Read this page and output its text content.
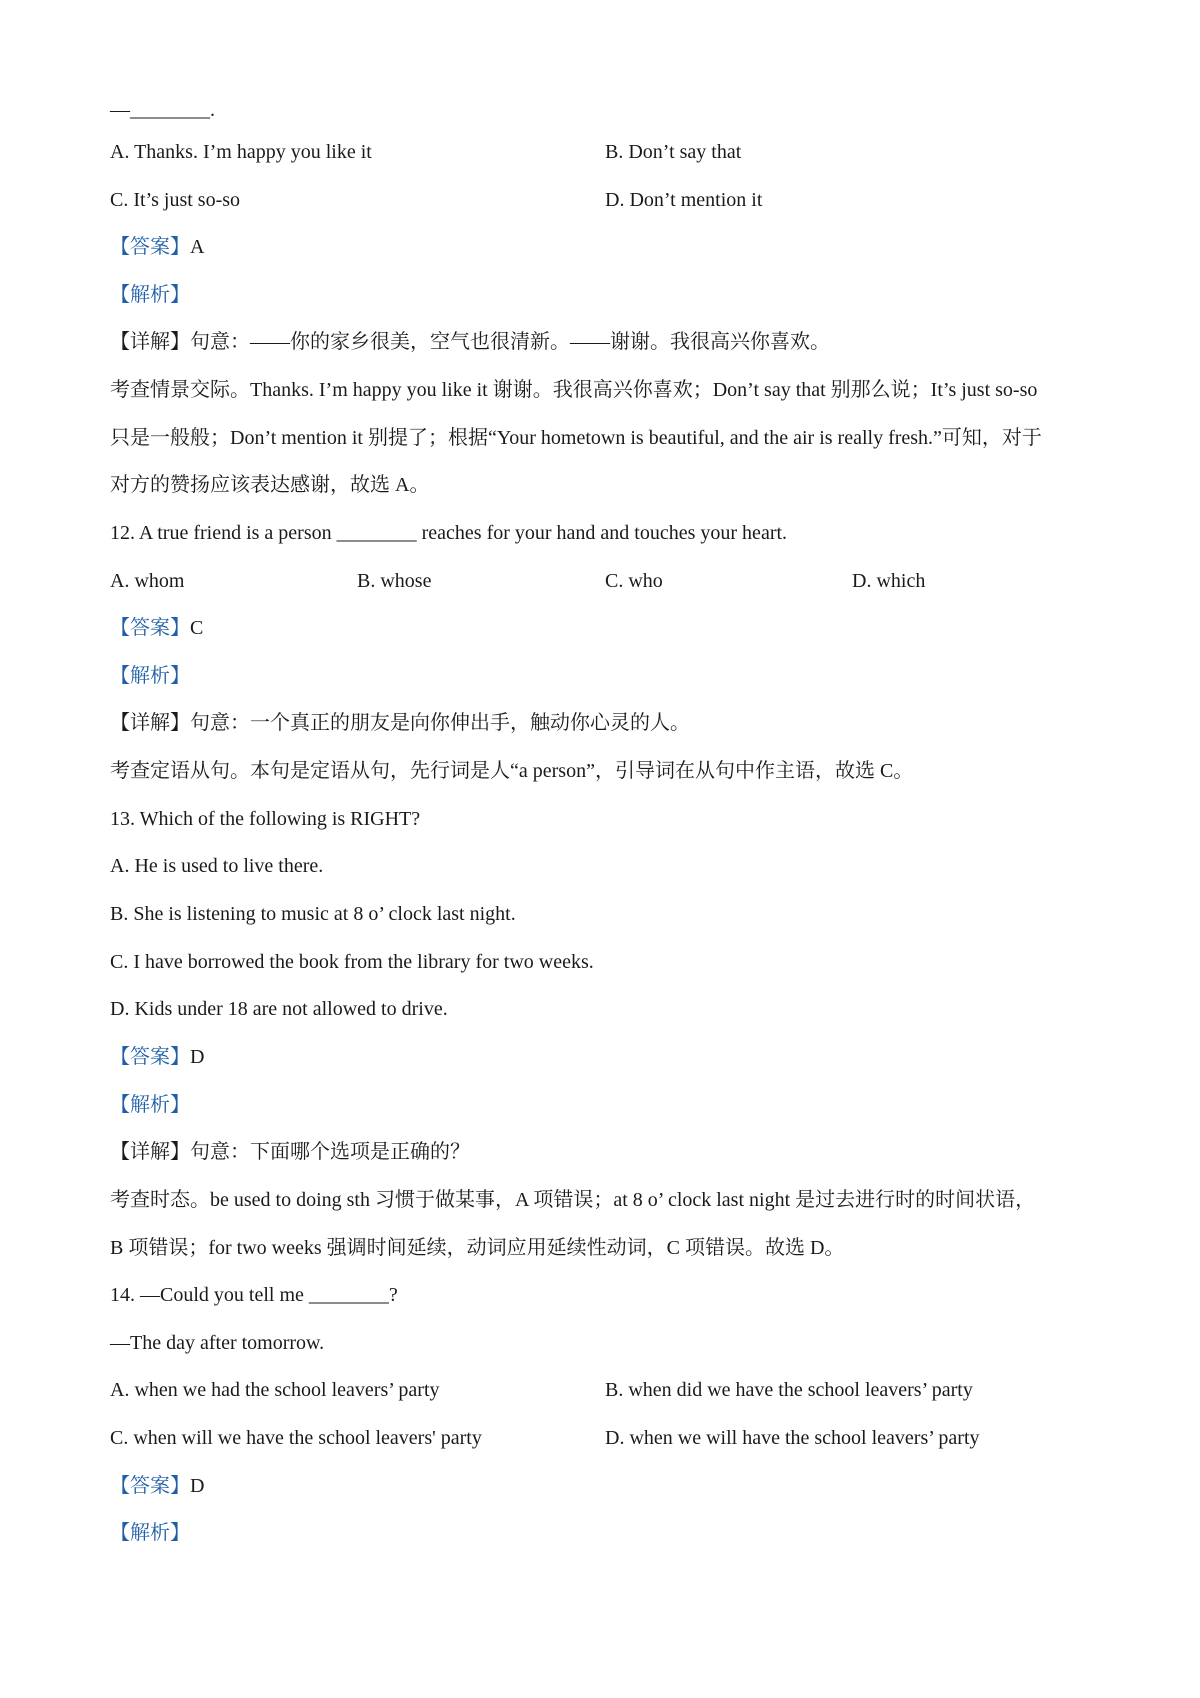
—________.
A. Thanks. I’m happy you like it	B. Don’t say that
C. It’s just so-so	D. Don’t mention it
【答案】A
【解析】
【详解】句意：——你的家乡很美，空气也很清新。——谢谢。我很高兴你喜欢。
考查情景交际。Thanks. I’m happy you like it 谢谢。我很高兴你喜欢；Don’t say that 别那么说；It’s just so-so
只是一般般；Don’t mention it 别提了；根据“Your hometown is beautiful, and the air is really fresh.”可知，对于
对方的赞扬应该表达感谢，故选 A。
12. A true friend is a person ________ reaches for your hand and touches your heart.
A. whom	B. whose	C. who	D. which
【答案】C
【解析】
【详解】句意：一个真正的朋友是向你伸出手，触动你心灵的人。
考查定语从句。本句是定语从句，先行词是人“a person”，引导词在从句中作主语，故选 C。
13. Which of the following is RIGHT?
A. He is used to live there.
B. She is listening to music at 8 o’ clock last night.
C. I have borrowed the book from the library for two weeks.
D. Kids under 18 are not allowed to drive.
【答案】D
【解析】
【详解】句意：下面哪个选项是正确的？
考查时态。be used to doing sth 习惯于做某事，A 项错误；at 8 o’ clock last night 是过去进行时的时间状语，
B 项错误；for two weeks 强调时间延续，动词应用延续性动词，C 项错误。故选 D。
14. —Could you tell me ________?
—The day after tomorrow.
A. when we had the school leavers’ party	B. when did we have the school leavers’ party
C. when will we have the school leavers' party	D. when we will have the school leavers’ party
【答案】D
【解析】
